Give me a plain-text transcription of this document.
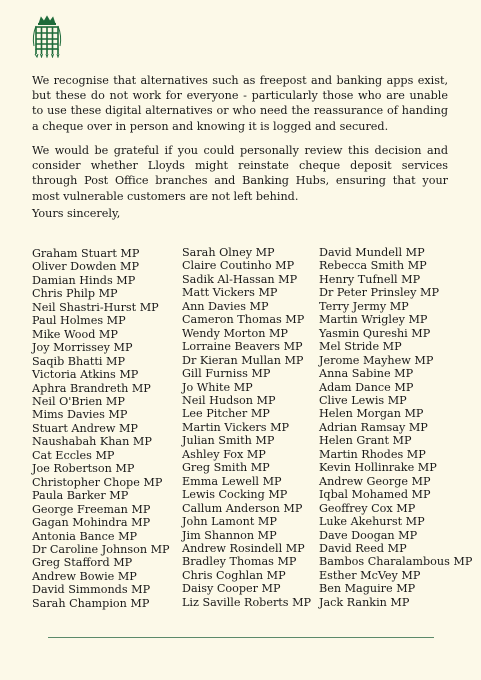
We recognise that alternatives such as freepost and banking apps exist, but these do not work for everyone - particularly those who are unable to use these digital alternatives or who need the reassurance of handing a cheque over in person and knowing it is logged and secured.

We would be grateful if you could personally review this decision and consider whether Lloyds might reinstate cheque deposit services through Post Office branches and Banking Hubs, ensuring that your most vulnerable customers are not left behind.

Yours sincerely,

Graham Stuart MP
Oliver Dowden MP
Damian Hinds MP
Chris Philp MP
Neil Shastri-Hurst MP
Paul Holmes MP
Mike Wood MP
Joy Morrissey MP
Saqib Bhatti MP
Victoria Atkins MP
Aphra Brandreth MP
Neil O'Brien MP
Mims Davies MP
Stuart Andrew MP
Naushabah Khan MP
Cat Eccles MP
Joe Robertson MP
Christopher Chope MP
Paula Barker MP
George Freeman MP
Gagan Mohindra MP
Antonia Bance MP
Dr Caroline Johnson MP
Greg Stafford MP
Andrew Bowie MP
David Simmonds MP
Sarah Champion MP
Sarah Olney MP
Claire Coutinho MP
Sadik Al-Hassan MP
Matt Vickers MP
Ann Davies MP
Cameron Thomas MP
Wendy Morton MP
Lorraine Beavers MP
Dr Kieran Mullan MP
Gill Furniss MP
Jo White MP
Neil Hudson MP
Lee Pitcher MP
Martin Vickers MP
Julian Smith MP
Ashley Fox MP
Greg Smith MP
Emma Lewell MP
Lewis Cocking MP
Callum Anderson MP
John Lamont MP
Jim Shannon MP
Andrew Rosindell MP
Bradley Thomas MP
Chris Coghlan MP
Daisy Cooper MP
Liz Saville Roberts MP
David Mundell MP
Rebecca Smith MP
Henry Tufnell MP
Dr Peter Prinsley MP
Terry Jermy MP
Martin Wrigley MP
Yasmin Qureshi MP
Mel Stride MP
Jerome Mayhew MP
Anna Sabine MP
Adam Dance MP
Clive Lewis MP
Helen Morgan MP
Adrian Ramsay MP
Helen Grant MP
Martin Rhodes MP
Kevin Hollinrake MP
Andrew George MP
Iqbal Mohamed MP
Geoffrey Cox MP
Luke Akehurst MP
Dave Doogan MP
David Reed MP
Bambos Charalambous MP
Esther McVey MP
Ben Maguire MP
Jack Rankin MP
